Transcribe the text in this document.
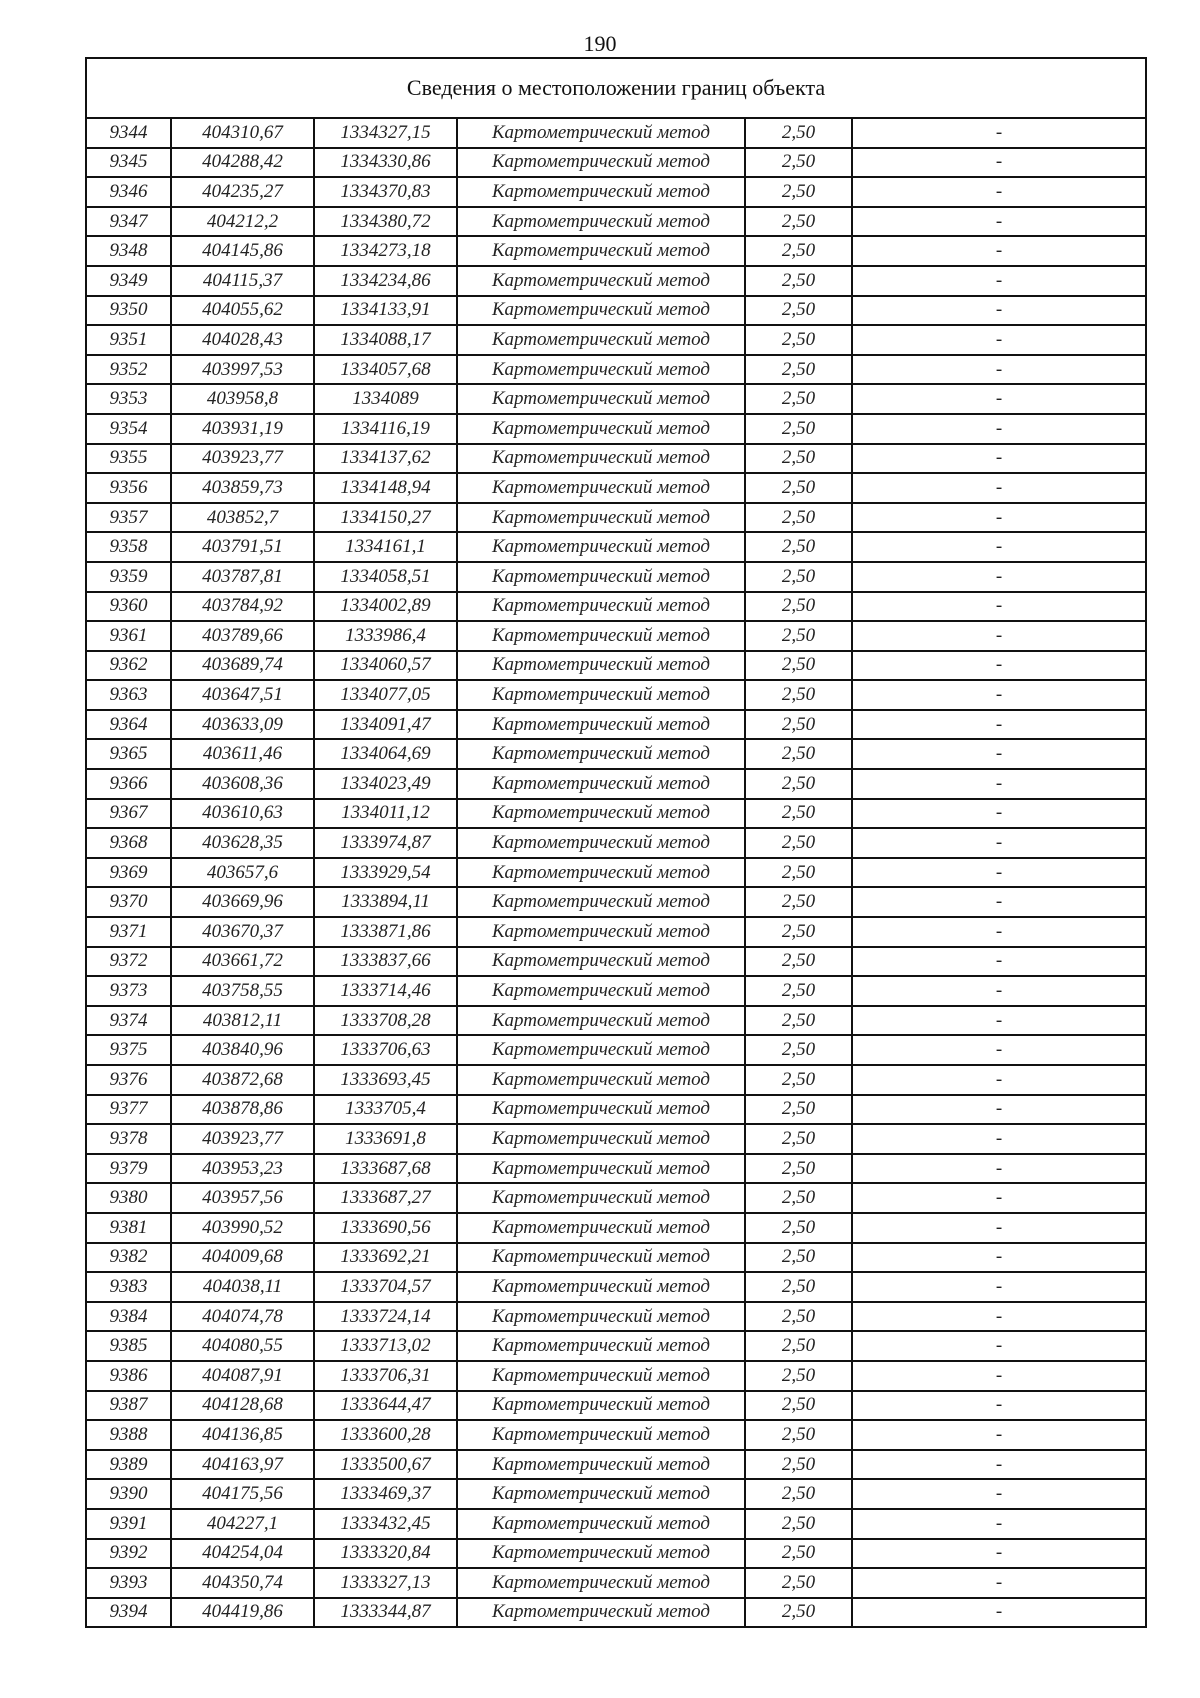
190
Сведения о местоположении границ объекта					
9344	404310,67	1334327,15	Картометрический метод	2,50	-
9345	404288,42	1334330,86	Картометрический метод	2,50	-
9346	404235,27	1334370,83	Картометрический метод	2,50	-
9347	404212,2	1334380,72	Картометрический метод	2,50	-
9348	404145,86	1334273,18	Картометрический метод	2,50	-
9349	404115,37	1334234,86	Картометрический метод	2,50	-
9350	404055,62	1334133,91	Картометрический метод	2,50	-
9351	404028,43	1334088,17	Картометрический метод	2,50	-
9352	403997,53	1334057,68	Картометрический метод	2,50	-
9353	403958,8	1334089	Картометрический метод	2,50	-
9354	403931,19	1334116,19	Картометрический метод	2,50	-
9355	403923,77	1334137,62	Картометрический метод	2,50	-
9356	403859,73	1334148,94	Картометрический метод	2,50	-
9357	403852,7	1334150,27	Картометрический метод	2,50	-
9358	403791,51	1334161,1	Картометрический метод	2,50	-
9359	403787,81	1334058,51	Картометрический метод	2,50	-
9360	403784,92	1334002,89	Картометрический метод	2,50	-
9361	403789,66	1333986,4	Картометрический метод	2,50	-
9362	403689,74	1334060,57	Картометрический метод	2,50	-
9363	403647,51	1334077,05	Картометрический метод	2,50	-
9364	403633,09	1334091,47	Картометрический метод	2,50	-
9365	403611,46	1334064,69	Картометрический метод	2,50	-
9366	403608,36	1334023,49	Картометрический метод	2,50	-
9367	403610,63	1334011,12	Картометрический метод	2,50	-
9368	403628,35	1333974,87	Картометрический метод	2,50	-
9369	403657,6	1333929,54	Картометрический метод	2,50	-
9370	403669,96	1333894,11	Картометрический метод	2,50	-
9371	403670,37	1333871,86	Картометрический метод	2,50	-
9372	403661,72	1333837,66	Картометрический метод	2,50	-
9373	403758,55	1333714,46	Картометрический метод	2,50	-
9374	403812,11	1333708,28	Картометрический метод	2,50	-
9375	403840,96	1333706,63	Картометрический метод	2,50	-
9376	403872,68	1333693,45	Картометрический метод	2,50	-
9377	403878,86	1333705,4	Картометрический метод	2,50	-
9378	403923,77	1333691,8	Картометрический метод	2,50	-
9379	403953,23	1333687,68	Картометрический метод	2,50	-
9380	403957,56	1333687,27	Картометрический метод	2,50	-
9381	403990,52	1333690,56	Картометрический метод	2,50	-
9382	404009,68	1333692,21	Картометрический метод	2,50	-
9383	404038,11	1333704,57	Картометрический метод	2,50	-
9384	404074,78	1333724,14	Картометрический метод	2,50	-
9385	404080,55	1333713,02	Картометрический метод	2,50	-
9386	404087,91	1333706,31	Картометрический метод	2,50	-
9387	404128,68	1333644,47	Картометрический метод	2,50	-
9388	404136,85	1333600,28	Картометрический метод	2,50	-
9389	404163,97	1333500,67	Картометрический метод	2,50	-
9390	404175,56	1333469,37	Картометрический метод	2,50	-
9391	404227,1	1333432,45	Картометрический метод	2,50	-
9392	404254,04	1333320,84	Картометрический метод	2,50	-
9393	404350,74	1333327,13	Картометрический метод	2,50	-
9394	404419,86	1333344,87	Картометрический метод	2,50	-
